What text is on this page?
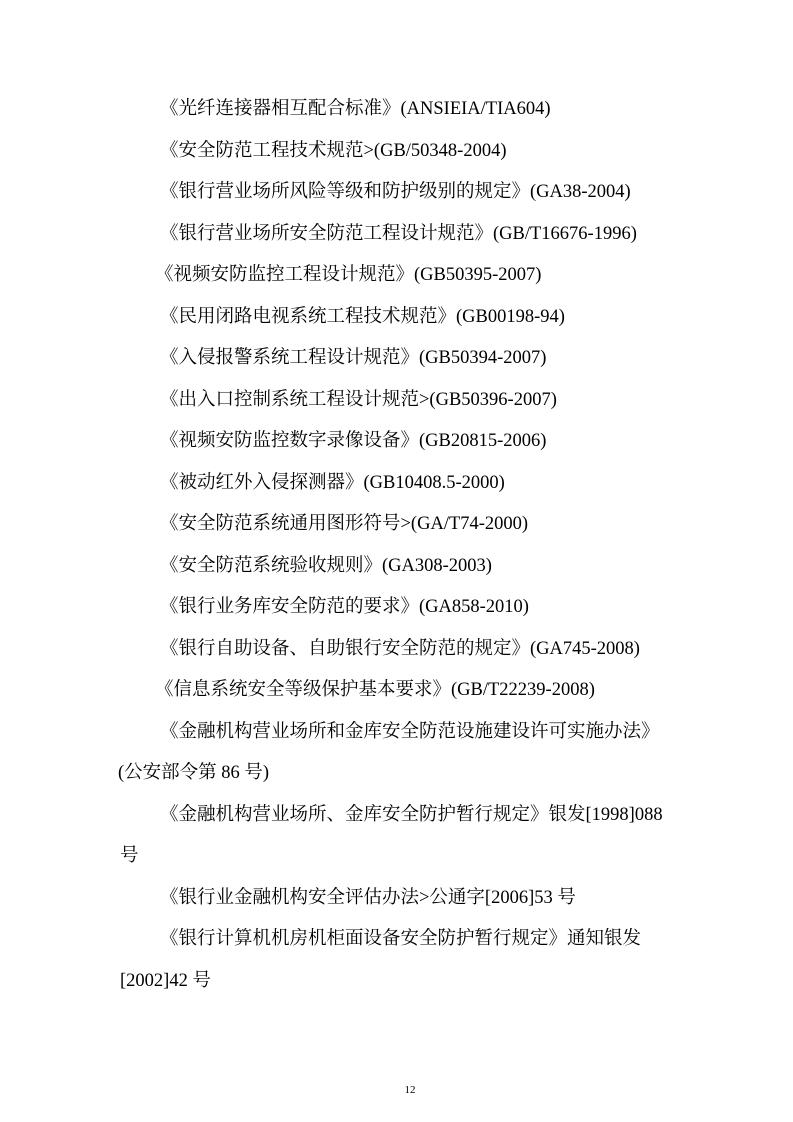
《光纤连接器相互配合标准》(ANSIEIA/TIA604)
《安全防范工程技术规范>(GB/50348-2004)
《银行营业场所风险等级和防护级别的规定》(GA38-2004)
《银行营业场所安全防范工程设计规范》(GB/T16676-1996)
《视频安防监控工程设计规范》(GB50395-2007)
《民用闭路电视系统工程技术规范》(GB00198-94)
《入侵报警系统工程设计规范》(GB50394-2007)
《出入口控制系统工程设计规范>(GB50396-2007)
《视频安防监控数字录像设备》(GB20815-2006)
《被动红外入侵探测器》(GB10408.5-2000)
《安全防范系统通用图形符号>(GA/T74-2000)
《安全防范系统验收规则》(GA308-2003)
《银行业务库安全防范的要求》(GA858-2010)
《银行自助设备、自助银行安全防范的规定》(GA745-2008)
《信息系统安全等级保护基本要求》(GB/T22239-2008)
《金融机构营业场所和金库安全防范设施建设许可实施办法》
(公安部令第 86 号)
《金融机构营业场所、金库安全防护暂行规定》银发[1998]088
号
《银行业金融机构安全评估办法>公通字[2006]53 号
《银行计算机机房机柜面设备安全防护暂行规定》通知银发
[2002]42 号
12
